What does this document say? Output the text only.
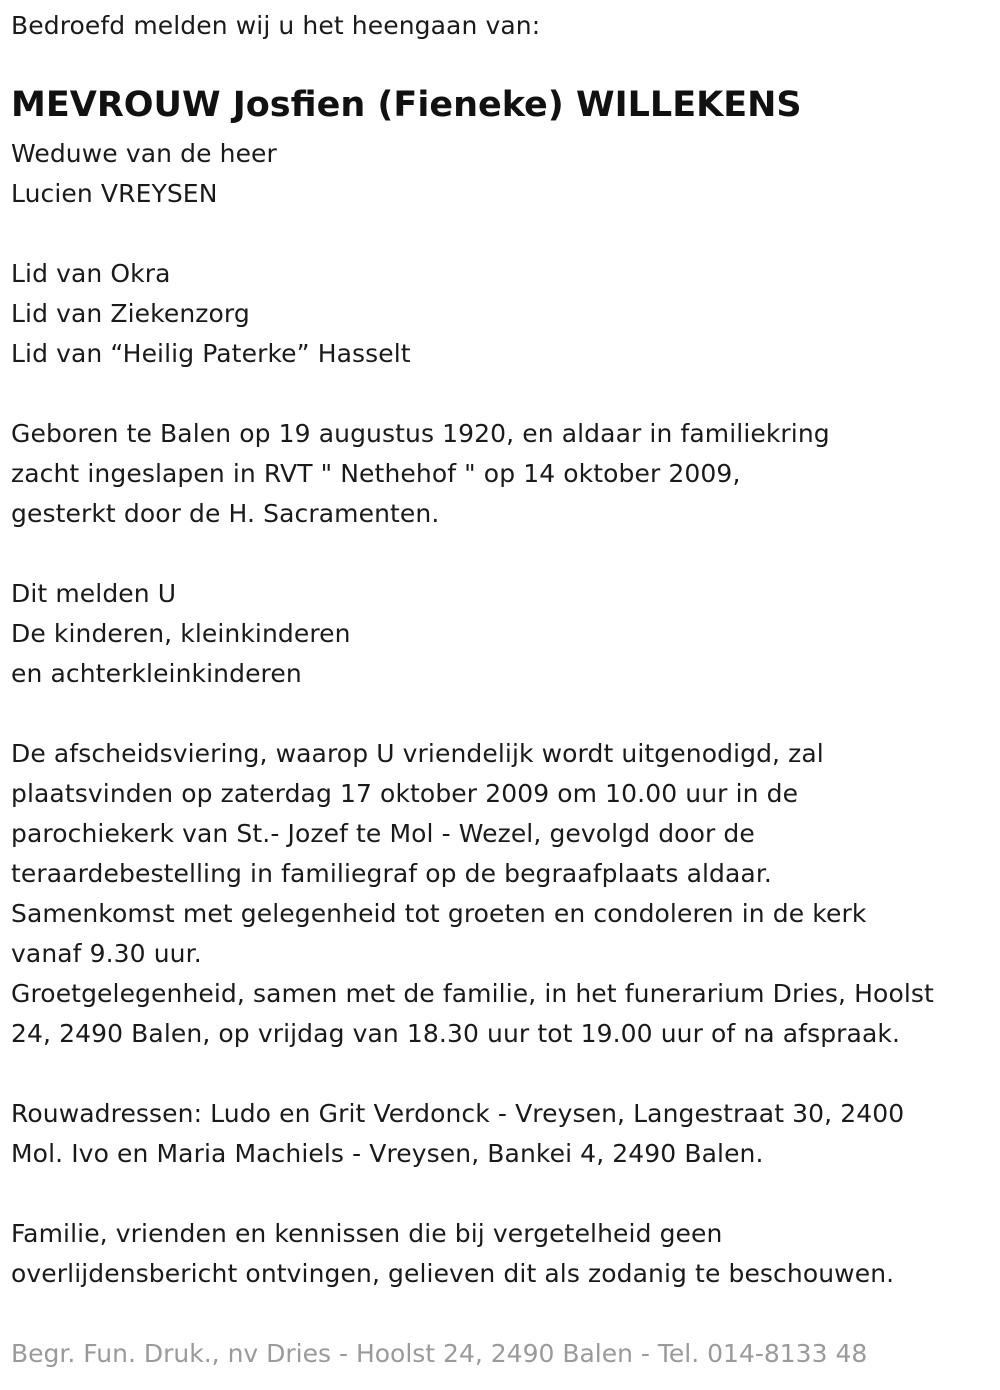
Bedroefd melden wij u het heengaan van:
MEVROUW Josfien (Fieneke) WILLEKENS
Weduwe van de heer
Lucien VREYSEN
Lid van Okra
Lid van Ziekenzorg
Lid van “Heilig Paterke” Hasselt
Geboren te Balen op 19 augustus 1920, en aldaar in familiekring
zacht ingeslapen in RVT " Nethehof " op 14 oktober 2009,
gesterkt door de H. Sacramenten.
Dit melden U
De kinderen, kleinkinderen
en achterkleinkinderen
De afscheidsviering, waarop U vriendelijk wordt uitgenodigd, zal
plaatsvinden op zaterdag 17 oktober 2009 om 10.00 uur in de
parochiekerk van St.- Jozef te Mol - Wezel, gevolgd door de
teraardebestelling in familiegraf op de begraafplaats aldaar.
Samenkomst met gelegenheid tot groeten en condoleren in de kerk
vanaf 9.30 uur.
Groetgelegenheid, samen met de familie, in het funerarium Dries, Hoolst
24, 2490 Balen, op vrijdag van 18.30 uur tot 19.00 uur of na afspraak.
Rouwadressen: Ludo en Grit Verdonck - Vreysen, Langestraat 30, 2400
Mol. Ivo en Maria Machiels - Vreysen, Bankei 4, 2490 Balen.
Familie, vrienden en kennissen die bij vergetelheid geen
overlijdensbericht ontvingen, gelieven dit als zodanig te beschouwen.
Begr. Fun. Druk., nv Dries - Hoolst 24, 2490 Balen - Tel. 014-8133 48
